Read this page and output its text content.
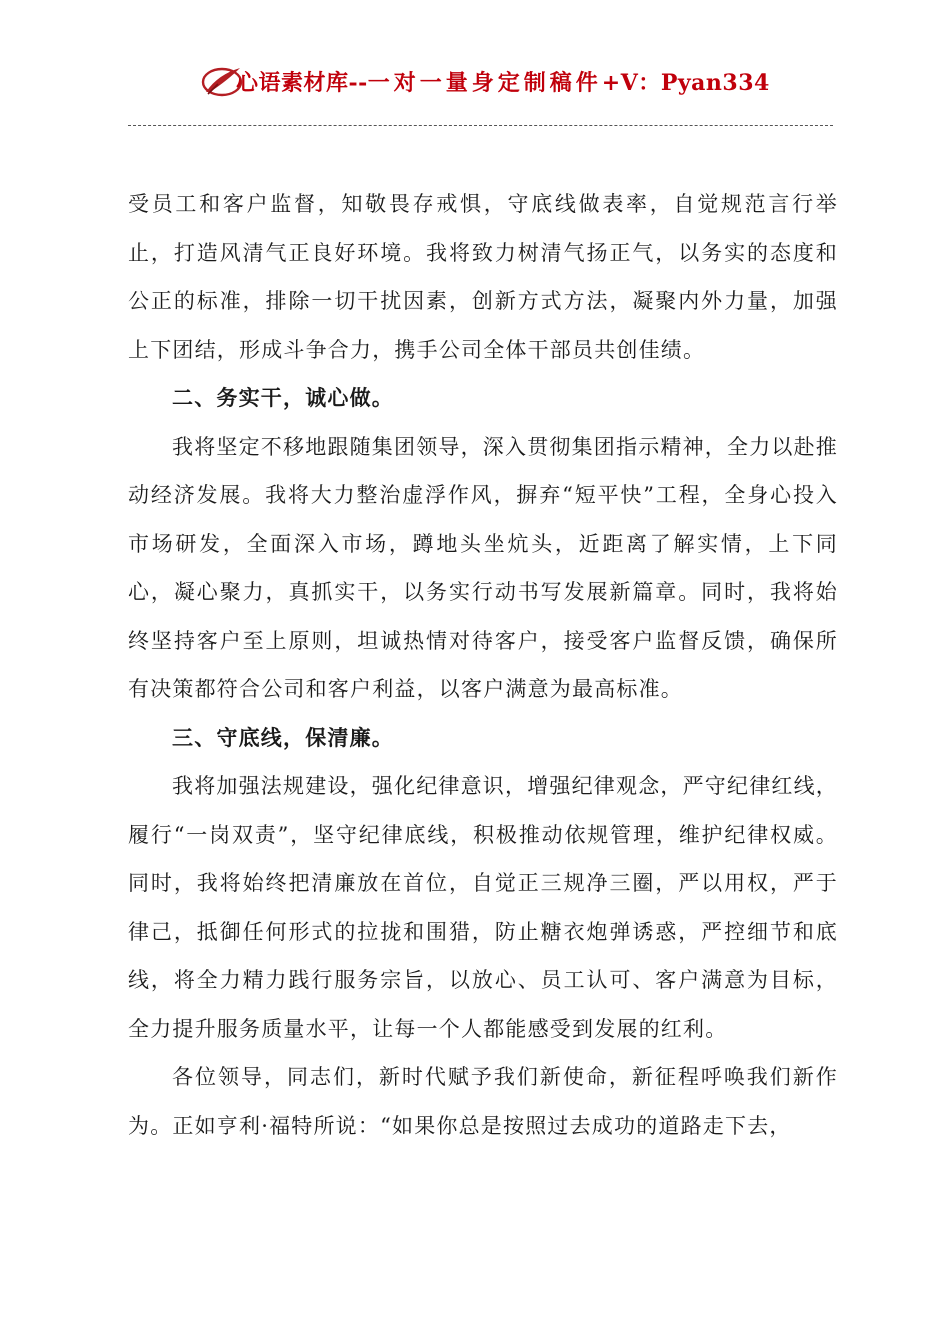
心语素材库--一对一量身定制稿件+V：Pyan334

受员工和客户监督，知敬畏存戒惧，守底线做表率，自觉规范言行举止，打造风清气正良好环境。我将致力树清气扬正气，以务实的态度和公正的标准，排除一切干扰因素，创新方式方法，凝聚内外力量，加强上下团结，形成斗争合力，携手公司全体干部员共创佳绩。

二、务实干，诚心做。

我将坚定不移地跟随集团领导，深入贯彻集团指示精神，全力以赴推动经济发展。我将大力整治虚浮作风，摒弃“短平快”工程，全身心投入市场研发，全面深入市场，蹲地头坐炕头，近距离了解实情，上下同心，凝心聚力，真抓实干，以务实行动书写发展新篇章。同时，我将始终坚持客户至上原则，坦诚热情对待客户，接受客户监督反馈，确保所有决策都符合公司和客户利益，以客户满意为最高标准。

三、守底线，保清廉。

我将加强法规建设，强化纪律意识，增强纪律观念，严守纪律红线，履行“一岗双责”，坚守纪律底线，积极推动依规管理，维护纪律权威。同时，我将始终把清廉放在首位，自觉正三规净三圈，严以用权，严于律己，抵御任何形式的拉拢和围猎，防止糖衣炮弹诱惑，严控细节和底线，将全力精力践行服务宗旨，以放心、员工认可、客户满意为目标，全力提升服务质量水平，让每一个人都能感受到发展的红利。

各位领导，同志们，新时代赋予我们新使命，新征程呼唤我们新作为。正如亨利·福特所说：“如果你总是按照过去成功的道路走下去，
